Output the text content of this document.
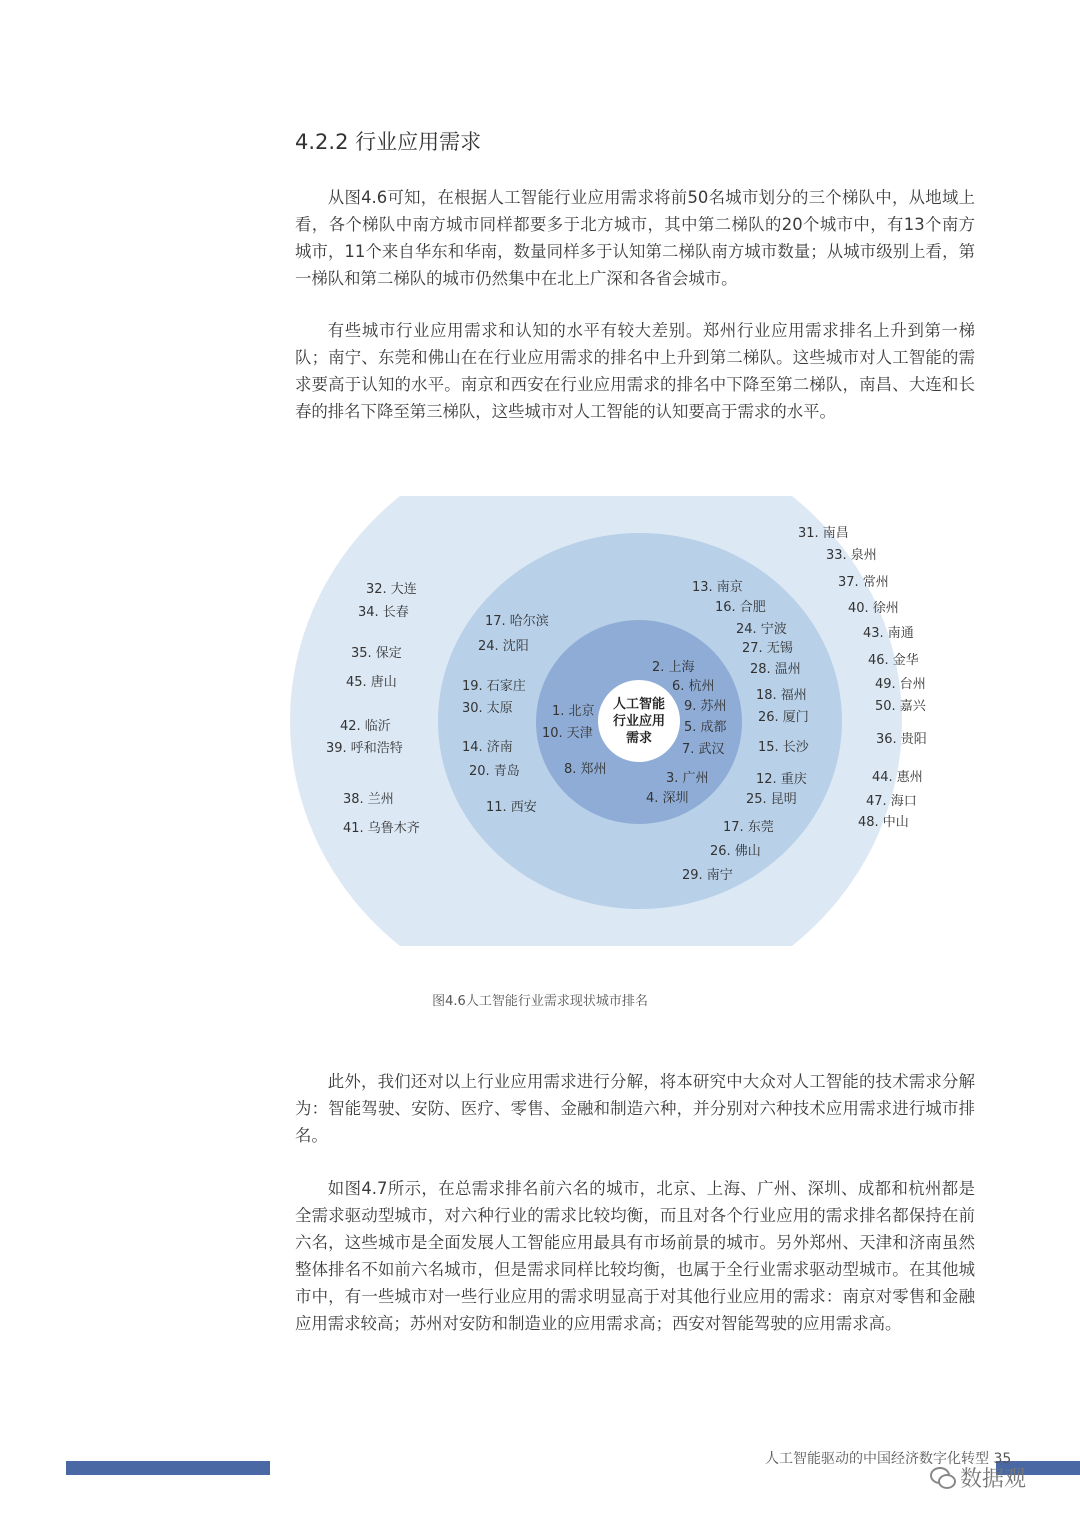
4.2.2 行业应用需求

从图4.6可知，在根据人工智能行业应用需求将前50名城市划分的三个梯队中，从地域上看，各个梯队中南方城市同样都要多于北方城市，其中第二梯队的20个城市中，有13个南方城市，11个来自华东和华南，数量同样多于认知第二梯队南方城市数量；从城市级别上看，第一梯队和第二梯队的城市仍然集中在北上广深和各省会城市。

有些城市行业应用需求和认知的水平有较大差别。郑州行业应用需求排名上升到第一梯队；南宁、东莞和佛山在在行业应用需求的排名中上升到第二梯队。这些城市对人工智能的需求要高于认知的水平。南京和西安在行业应用需求的排名中下降至第二梯队，南昌、大连和长春的排名下降至第三梯队，这些城市对人工智能的认知要高于需求的水平。

人工智能
行业应用
需求
1. 北京
10. 天津
8. 郑州
2. 上海
6. 杭州
9. 苏州
5. 成都
7. 武汉
3. 广州
4. 深圳
17. 哈尔滨
24. 沈阳
19. 石家庄
30. 太原
14. 济南
20. 青岛
11. 西安
13. 南京
16. 合肥
24. 宁波
27. 无锡
28. 温州
18. 福州
26. 厦门
15. 长沙
12. 重庆
25. 昆明
17. 东莞
26. 佛山
29. 南宁
32. 大连
34. 长春
35. 保定
45. 唐山
42. 临沂
39. 呼和浩特
38. 兰州
41. 乌鲁木齐
31. 南昌
33. 泉州
37. 常州
40. 徐州
43. 南通
46. 金华
49. 台州
50. 嘉兴
36. 贵阳
44. 惠州
47. 海口
48. 中山

图4.6人工智能行业需求现状城市排名

此外，我们还对以上行业应用需求进行分解，将本研究中大众对人工智能的技术需求分解为：智能驾驶、安防、医疗、零售、金融和制造六种，并分别对六种技术应用需求进行城市排名。

如图4.7所示，在总需求排名前六名的城市，北京、上海、广州、深圳、成都和杭州都是全需求驱动型城市，对六种行业的需求比较均衡，而且对各个行业应用的需求排名都保持在前六名，这些城市是全面发展人工智能应用最具有市场前景的城市。另外郑州、天津和济南虽然整体排名不如前六名城市，但是需求同样比较均衡，也属于全行业需求驱动型城市。在其他城市中，有一些城市对一些行业应用的需求明显高于对其他行业应用的需求：南京对零售和金融应用需求较高；苏州对安防和制造业的应用需求高；西安对智能驾驶的应用需求高。

人工智能驱动的中国经济数字化转型 35
数据观
